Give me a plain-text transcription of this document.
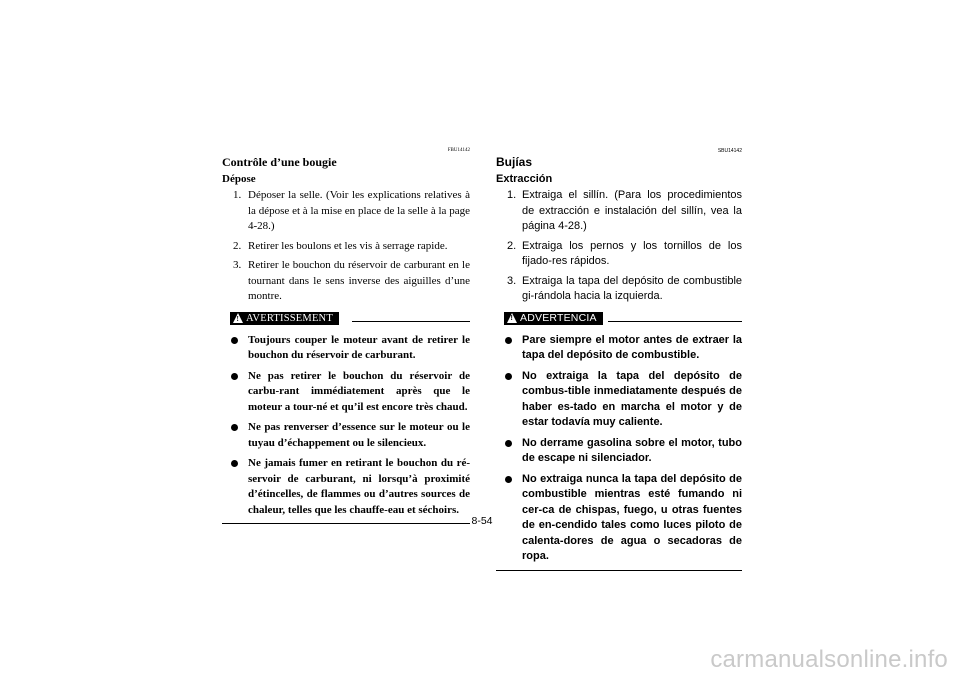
FBU14142
Contrôle d’une bougie
Dépose
1. Déposer la selle. (Voir les explications relatives à la dépose et à la mise en place de la selle à la page 4-28.)
2. Retirer les boulons et les vis à serrage rapide.
3. Retirer le bouchon du réservoir de carburant en le tournant dans le sens inverse des aiguilles d’une montre.
! AVERTISSEMENT
Toujours couper le moteur avant de retirer le bouchon du réservoir de carburant.
Ne pas retirer le bouchon du réservoir de carbu-rant immédiatement après que le moteur a tour-né et qu’il est encore très chaud.
Ne pas renverser d’essence sur le moteur ou le tuyau d’échappement ou le silencieux.
Ne jamais fumer en retirant le bouchon du ré-servoir de carburant, ni lorsqu’à proximité d’étincelles, de flammes ou d’autres sources de chaleur, telles que les chauffe-eau et séchoirs.
SBU14142
Bujías
Extracción
1. Extraiga el sillín. (Para los procedimientos de extracción e instalación del sillín, vea la página 4-28.)
2. Extraiga los pernos y los tornillos de los fijado-res rápidos.
3. Extraiga la tapa del depósito de combustible gi-rándola hacia la izquierda.
! ADVERTENCIA
Pare siempre el motor antes de extraer la tapa del depósito de combustible.
No extraiga la tapa del depósito de combus-tible inmediatamente después de haber es-tado en marcha el motor y de estar todavía muy caliente.
No derrame gasolina sobre el motor, tubo de escape ni silenciador.
No extraiga nunca la tapa del depósito de combustible mientras esté fumando ni cer-ca de chispas, fuego, u otras fuentes de en-cendido tales como luces piloto de calenta-dores de agua o secadoras de ropa.
8-54
carmanualsonline.info
